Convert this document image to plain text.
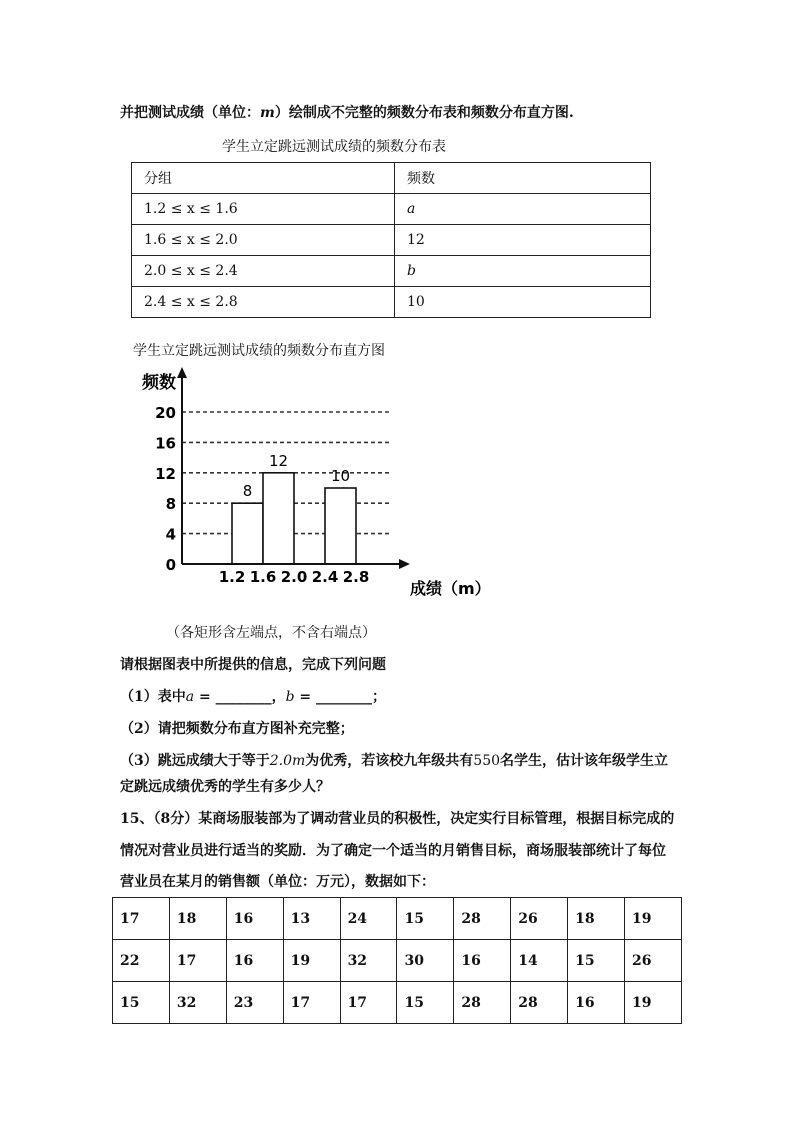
并把测试成绩（单位：m）绘制成不完整的频数分布表和频数分布直方图.
学生立定跳远测试成绩的频数分布表
分组	频数
1.2 ≤ x ≤ 1.6	a
1.6 ≤ x ≤ 2.0	12
2.0 ≤ x ≤ 2.4	b
2.4 ≤ x ≤ 2.8	10
学生立定跳远测试成绩的频数分布直方图
频数
成绩（m）
20
16
12
8
4
0
1.2 1.6 2.0 2.4 2.8
8
12
10
（各矩形含左端点，不含右端点）
请根据图表中所提供的信息，完成下列问题
（1）表中a = ________，b = ________；
（2）请把频数分布直方图补充完整；
（3）跳远成绩大于等于2.0m为优秀，若该校九年级共有550名学生，估计该年级学生立
定跳远成绩优秀的学生有多少人？
15、（8分）某商场服装部为了调动营业员的积极性，决定实行目标管理，根据目标完成的
情况对营业员进行适当的奖励．为了确定一个适当的月销售目标，商场服装部统计了每位
营业员在某月的销售额（单位：万元），数据如下：
17	18	16	13	24	15	28	26	18	19
22	17	16	19	32	30	16	14	15	26
15	32	23	17	17	15	28	28	16	19
